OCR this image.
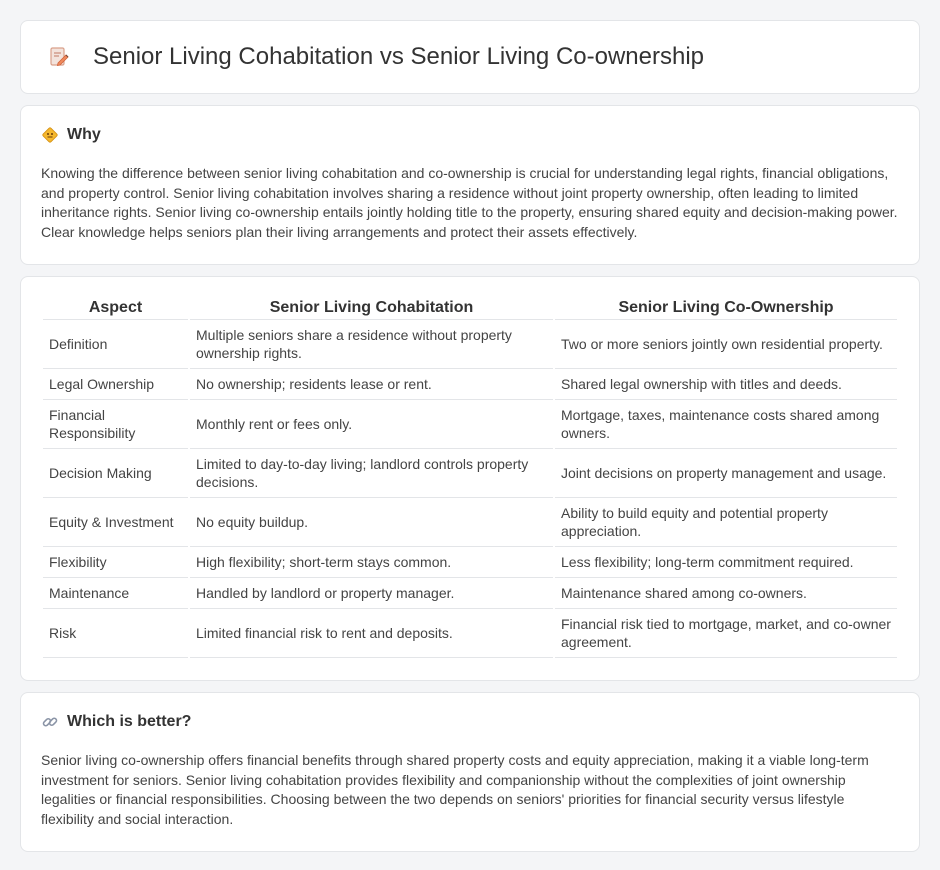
Senior Living Cohabitation vs Senior Living Co-ownership
Why

Knowing the difference between senior living cohabitation and co-ownership is crucial for understanding legal rights, financial obligations, and property control. Senior living cohabitation involves sharing a residence without joint property ownership, often leading to limited inheritance rights. Senior living co-ownership entails jointly holding title to the property, ensuring shared equity and decision-making power. Clear knowledge helps seniors plan their living arrangements and protect their assets effectively.

Aspect	Senior Living Cohabitation	Senior Living Co-Ownership
Definition	Multiple seniors share a residence without property ownership rights.	Two or more seniors jointly own residential property.
Legal Ownership	No ownership; residents lease or rent.	Shared legal ownership with titles and deeds.
Financial Responsibility	Monthly rent or fees only.	Mortgage, taxes, maintenance costs shared among owners.
Decision Making	Limited to day-to-day living; landlord controls property decisions.	Joint decisions on property management and usage.
Equity & Investment	No equity buildup.	Ability to build equity and potential property appreciation.
Flexibility	High flexibility; short-term stays common.	Less flexibility; long-term commitment required.
Maintenance	Handled by landlord or property manager.	Maintenance shared among co-owners.
Risk	Limited financial risk to rent and deposits.	Financial risk tied to mortgage, market, and co-owner agreement.
Which is better?

Senior living co-ownership offers financial benefits through shared property costs and equity appreciation, making it a viable long-term investment for seniors. Senior living cohabitation provides flexibility and companionship without the complexities of joint ownership legalities or financial responsibilities. Choosing between the two depends on seniors' priorities for financial security versus lifestyle flexibility and social interaction.
